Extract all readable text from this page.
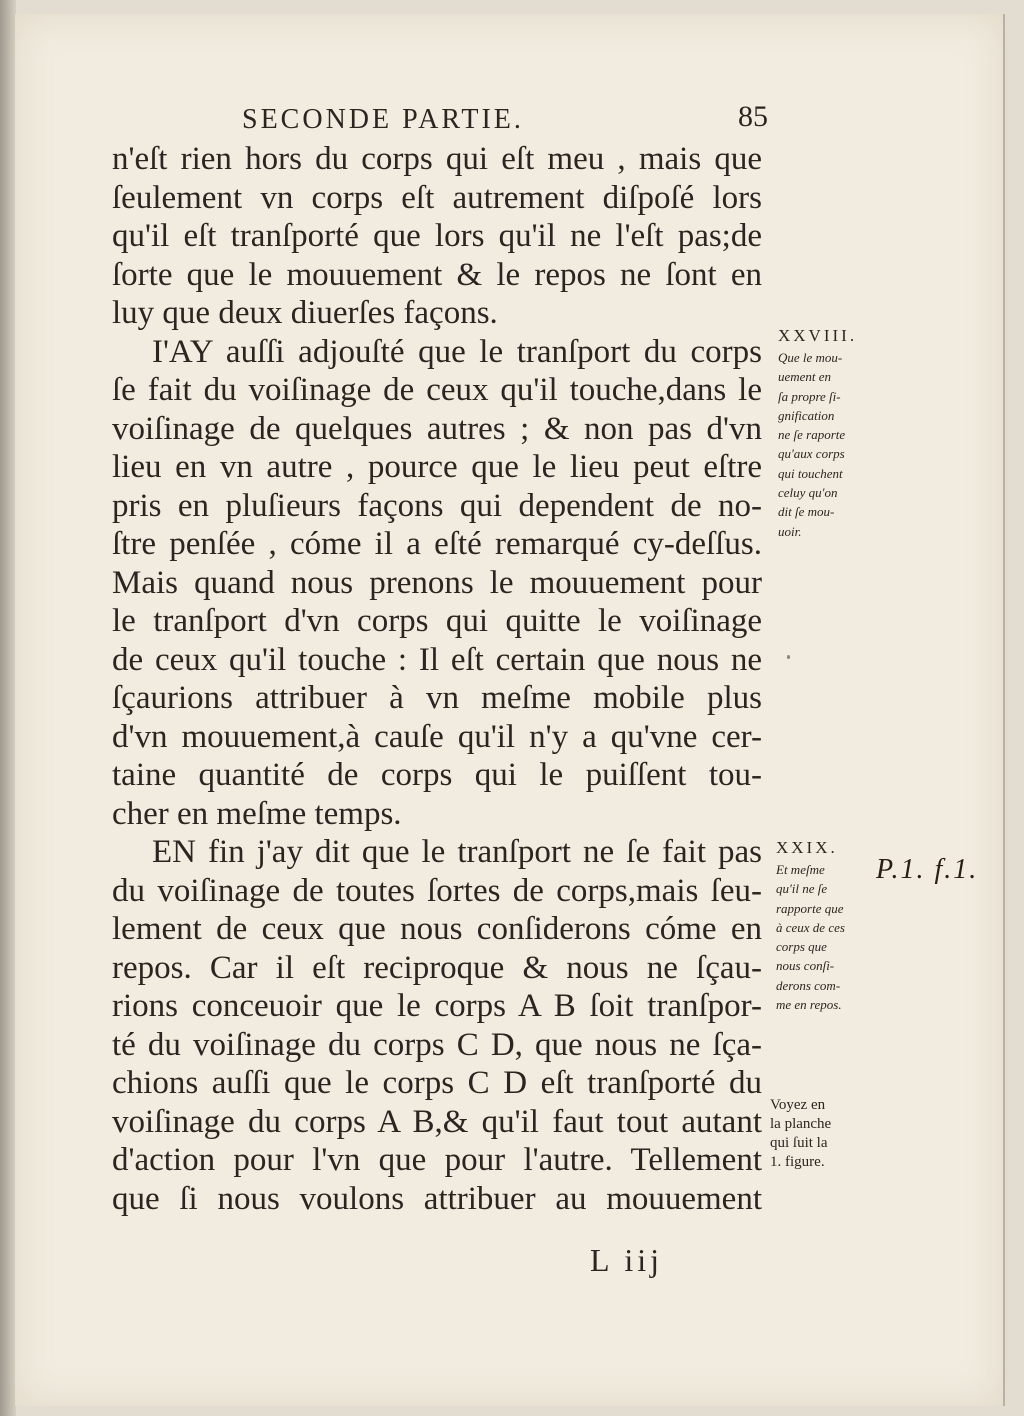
SECONDE PARTIE.	85
n'eſt rien hors du corps qui eſt meu , mais que
ſeulement vn corps eſt autrement diſpoſé lors
qu'il eſt tranſporté que lors qu'il ne l'eſt pas;de
ſorte que le mouuement & le repos ne ſont en
luy que deux diuerſes façons.
I'AY auſſi adjouſté que le tranſport du corps
ſe fait du voiſinage de ceux qu'il touche,dans le
voiſinage de quelques autres ; & non pas d'vn
lieu en vn autre , pource que le lieu peut eſtre
pris en pluſieurs façons qui dependent de no-
ſtre penſée , cóme il a eſté remarqué cy-deſſus.
Mais quand nous prenons le mouuement pour
le tranſport d'vn corps qui quitte le voiſinage
de ceux qu'il touche : Il eſt certain que nous ne
ſçaurions attribuer à vn meſme mobile plus
d'vn mouuement,à cauſe qu'il n'y a qu'vne cer-
taine quantité de corps qui le puiſſent tou-
cher en meſme temps.
EN fin j'ay dit que le tranſport ne ſe fait pas
du voiſinage de toutes ſortes de corps,mais ſeu-
lement de ceux que nous conſiderons cóme en
repos. Car il eſt reciproque & nous ne ſçau-
rions conceuoir que le corps A B ſoit tranſpor-
té du voiſinage du corps C D, que nous ne ſça-
chions auſſi que le corps C D eſt tranſporté du
voiſinage du corps A B,& qu'il faut tout autant
d'action pour l'vn que pour l'autre. Tellement
que ſi nous voulons attribuer au mouuement
L iij
XXVIII.
Que le mou-
uement en
ſa propre ſi-
gnification
ne ſe raporte
qu'aux corps
qui touchent
celuy qu'on
dit ſe mou-
uoir.
XXIX.
Et meſme
qu'il ne ſe
rapporte que
à ceux de ces
corps que
nous conſi-
derons com-
me en repos.
P.1. f.1.
Voyez en
la planche
qui ſuit la
1. figure.
